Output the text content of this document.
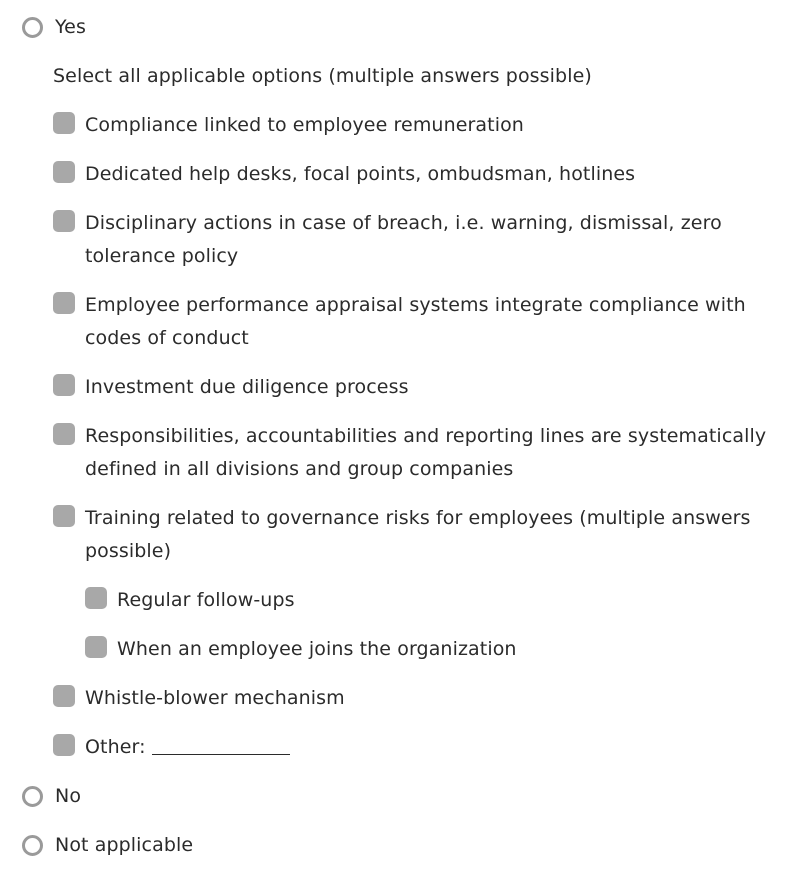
Yes
Select all applicable options (multiple answers possible)
Compliance linked to employee remuneration
Dedicated help desks, focal points, ombudsman, hotlines
Disciplinary actions in case of breach, i.e. warning, dismissal, zero tolerance policy
Employee performance appraisal systems integrate compliance with codes of conduct
Investment due diligence process
Responsibilities, accountabilities and reporting lines are systematically defined in all divisions and group companies
Training related to governance risks for employees (multiple answers possible)
Regular follow-ups
When an employee joins the organization
Whistle-blower mechanism
Other:
No
Not applicable
